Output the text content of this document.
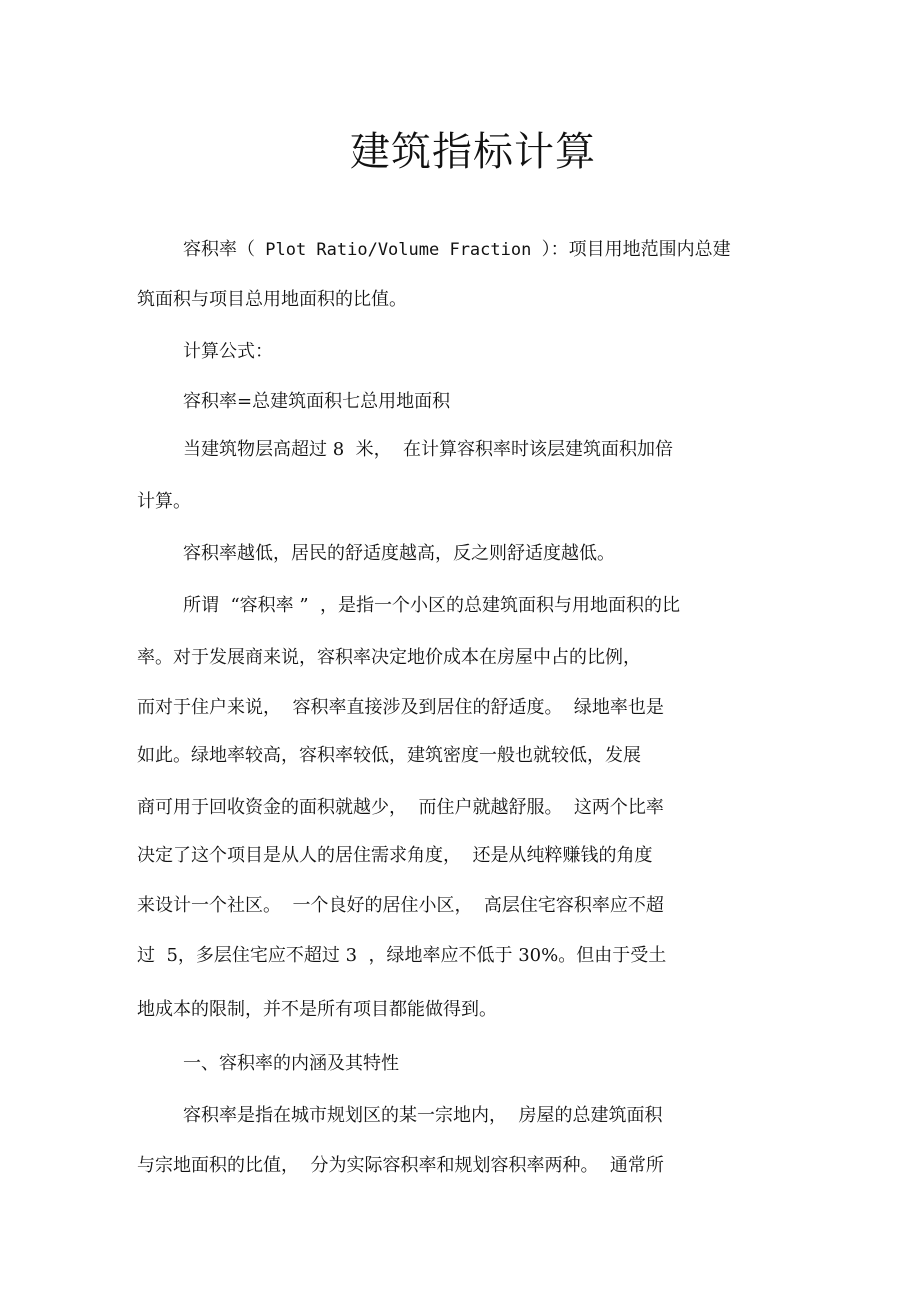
建筑指标计算
容积率（ Plot Ratio/Volume Fraction ）：项目用地范围内总建
筑面积与项目总用地面积的比值。
计算公式：
容积率=总建筑面积七总用地面积
当建筑物层高超过 8  米，  在计算容积率时该层建筑面积加倍
计算。
容积率越低，居民的舒适度越高，反之则舒适度越低。
所谓  “容积率 ”  ，是指一个小区的总建筑面积与用地面积的比
率。对于发展商来说，容积率决定地价成本在房屋中占的比例，
而对于住户来说，  容积率直接涉及到居住的舒适度。  绿地率也是
如此。绿地率较高，容积率较低，建筑密度一般也就较低，发展
商可用于回收资金的面积就越少，  而住户就越舒服。  这两个比率
决定了这个项目是从人的居住需求角度，  还是从纯粹赚钱的角度
来设计一个社区。  一个良好的居住小区，  高层住宅容积率应不超
过  5，多层住宅应不超过 3  ，绿地率应不低于 30%。但由于受土
地成本的限制，并不是所有项目都能做得到。
一、容积率的内涵及其特性
容积率是指在城市规划区的某一宗地内，  房屋的总建筑面积
与宗地面积的比值，  分为实际容积率和规划容积率两种。  通常所
